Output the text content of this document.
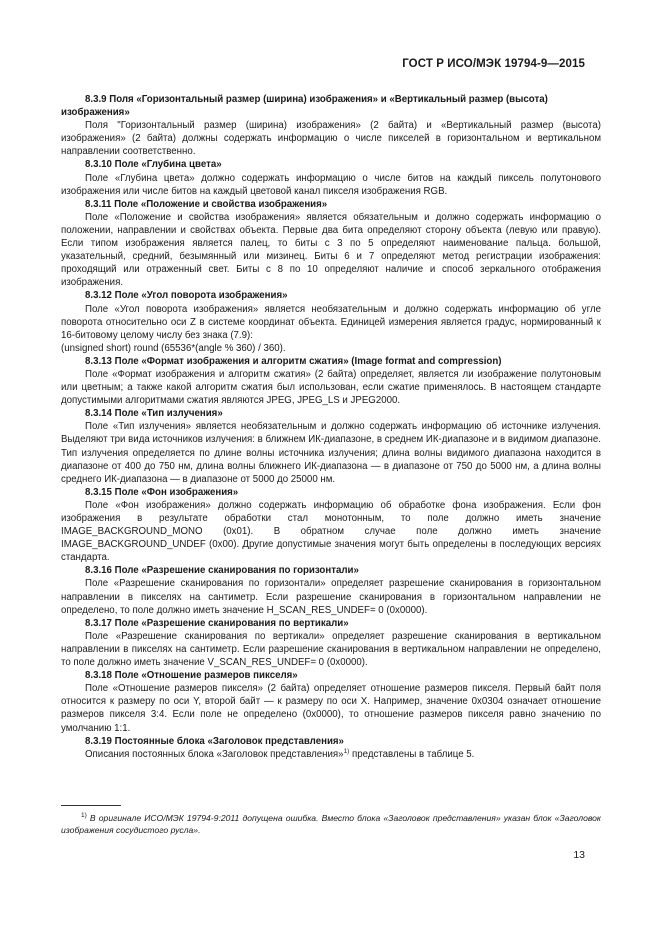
ГОСТ Р ИСО/МЭК 19794-9—2015

8.3.9 Поля «Горизонтальный размер (ширина) изображения» и «Вертикальный размер (высота) изображения»

Поля "Горизонтальный размер (ширина) изображения» (2 байта) и «Вертикальный размер (высота) изображения» (2 байта) должны содержать информацию о числе пикселей в горизонтальном и вертикальном направлении соответственно.

8.3.10 Поле «Глубина цвета»

Поле «Глубина цвета» должно содержать информацию о числе битов на каждый пиксель полутонового изображения или числе битов на каждый цветовой канал пикселя изображения RGB.

8.3.11 Поле «Положение и свойства изображения»

Поле «Положение и свойства изображения» является обязательным и должно содержать информацию о положении, направлении и свойствах объекта. Первые два бита определяют сторону объекта (левую или правую). Если типом изображения является палец, то биты с 3 по 5 определяют наименование пальца. большой, указательный, средний, безымянный или мизинец. Биты 6 и 7 определяют метод регистрации изображения: проходящий или отраженный свет. Биты с 8 по 10 определяют наличие и способ зеркального отображения изображения.

8.3.12 Поле «Угол поворота изображения»

Поле «Угол поворота изображения» является необязательным и должно содержать информацию об угле поворота относительно оси Z в системе координат объекта. Единицей измерения является градус, нормированный к 16-битовому целому числу без знака (7.9):

(unsigned short) round (65536*(angle % 360) / 360).

8.3.13 Поле «Формат изображения и алгоритм сжатия» (Image format and compression)

Поле «Формат изображения и алгоритм сжатия» (2 байта) определяет, является ли изображение полутоновым или цветным; а также какой алгоритм сжатия был использован, если сжатие применялось. В настоящем стандарте допустимыми алгоритмами сжатия являются JPEG, JPEG_LS и JPEG2000.

8.3.14 Поле «Тип излучения»

Поле «Тип излучения» является необязательным и должно содержать информацию об источнике излучения. Выделяют три вида источников излучения: в ближнем ИК-диапазоне, в среднем ИК-диапазоне и в видимом диапазоне. Тип излучения определяется по длине волны источника излучения; длина волны видимого диапазона находится в диапазоне от 400 до 750 нм, длина волны ближнего ИК-диапазона — в диапазоне от 750 до 5000 нм, а длина волны среднего ИК-диапазона — в диапазоне от 5000 до 25000 нм.

8.3.15 Поле «Фон изображения»

Поле «Фон изображения» должно содержать информацию об обработке фона изображения. Если фон изображения в результате обработки стал монотонным, то поле должно иметь значение IMAGE_BACKGROUND_MONO (0x01). В обратном случае поле должно иметь значение IMAGE_BACKGROUND_UNDEF (0x00). Другие допустимые значения могут быть определены в последующих версиях стандарта.

8.3.16 Поле «Разрешение сканирования по горизонтали»

Поле «Разрешение сканирования по горизонтали» определяет разрешение сканирования в горизонтальном направлении в пикселях на сантиметр. Если разрешение сканирования в горизонтальном направлении не определено, то поле должно иметь значение H_SCAN_RES_UNDEF= 0 (0x0000).

8.3.17 Поле «Разрешение сканирования по вертикали»

Поле «Разрешение сканирования по вертикали» определяет разрешение сканирования в вертикальном направлении в пикселях на сантиметр. Если разрешение сканирования в вертикальном направлении не определено, то поле должно иметь значение V_SCAN_RES_UNDEF= 0 (0x0000).

8.3.18 Поле «Отношение размеров пикселя»

Поле «Отношение размеров пикселя» (2 байта) определяет отношение размеров пикселя. Первый байт поля относится к размеру по оси Y, второй байт — к размеру по оси X. Например, значение 0x0304 означает отношение размеров пикселя 3:4. Если поле не определено (0x0000), то отношение размеров пикселя равно значению по умолчанию 1:1.

8.3.19 Постоянные блока «Заголовок представления»

Описания постоянных блока «Заголовок представления»$^{1)}$ представлены в таблице 5.

$^{1)}$ В оригинале ИСО/МЭК 19794-9:2011 допущена ошибка. Вместо блока «Заголовок представления» указан блок «Заголовок изображения сосудистого русла».
13
